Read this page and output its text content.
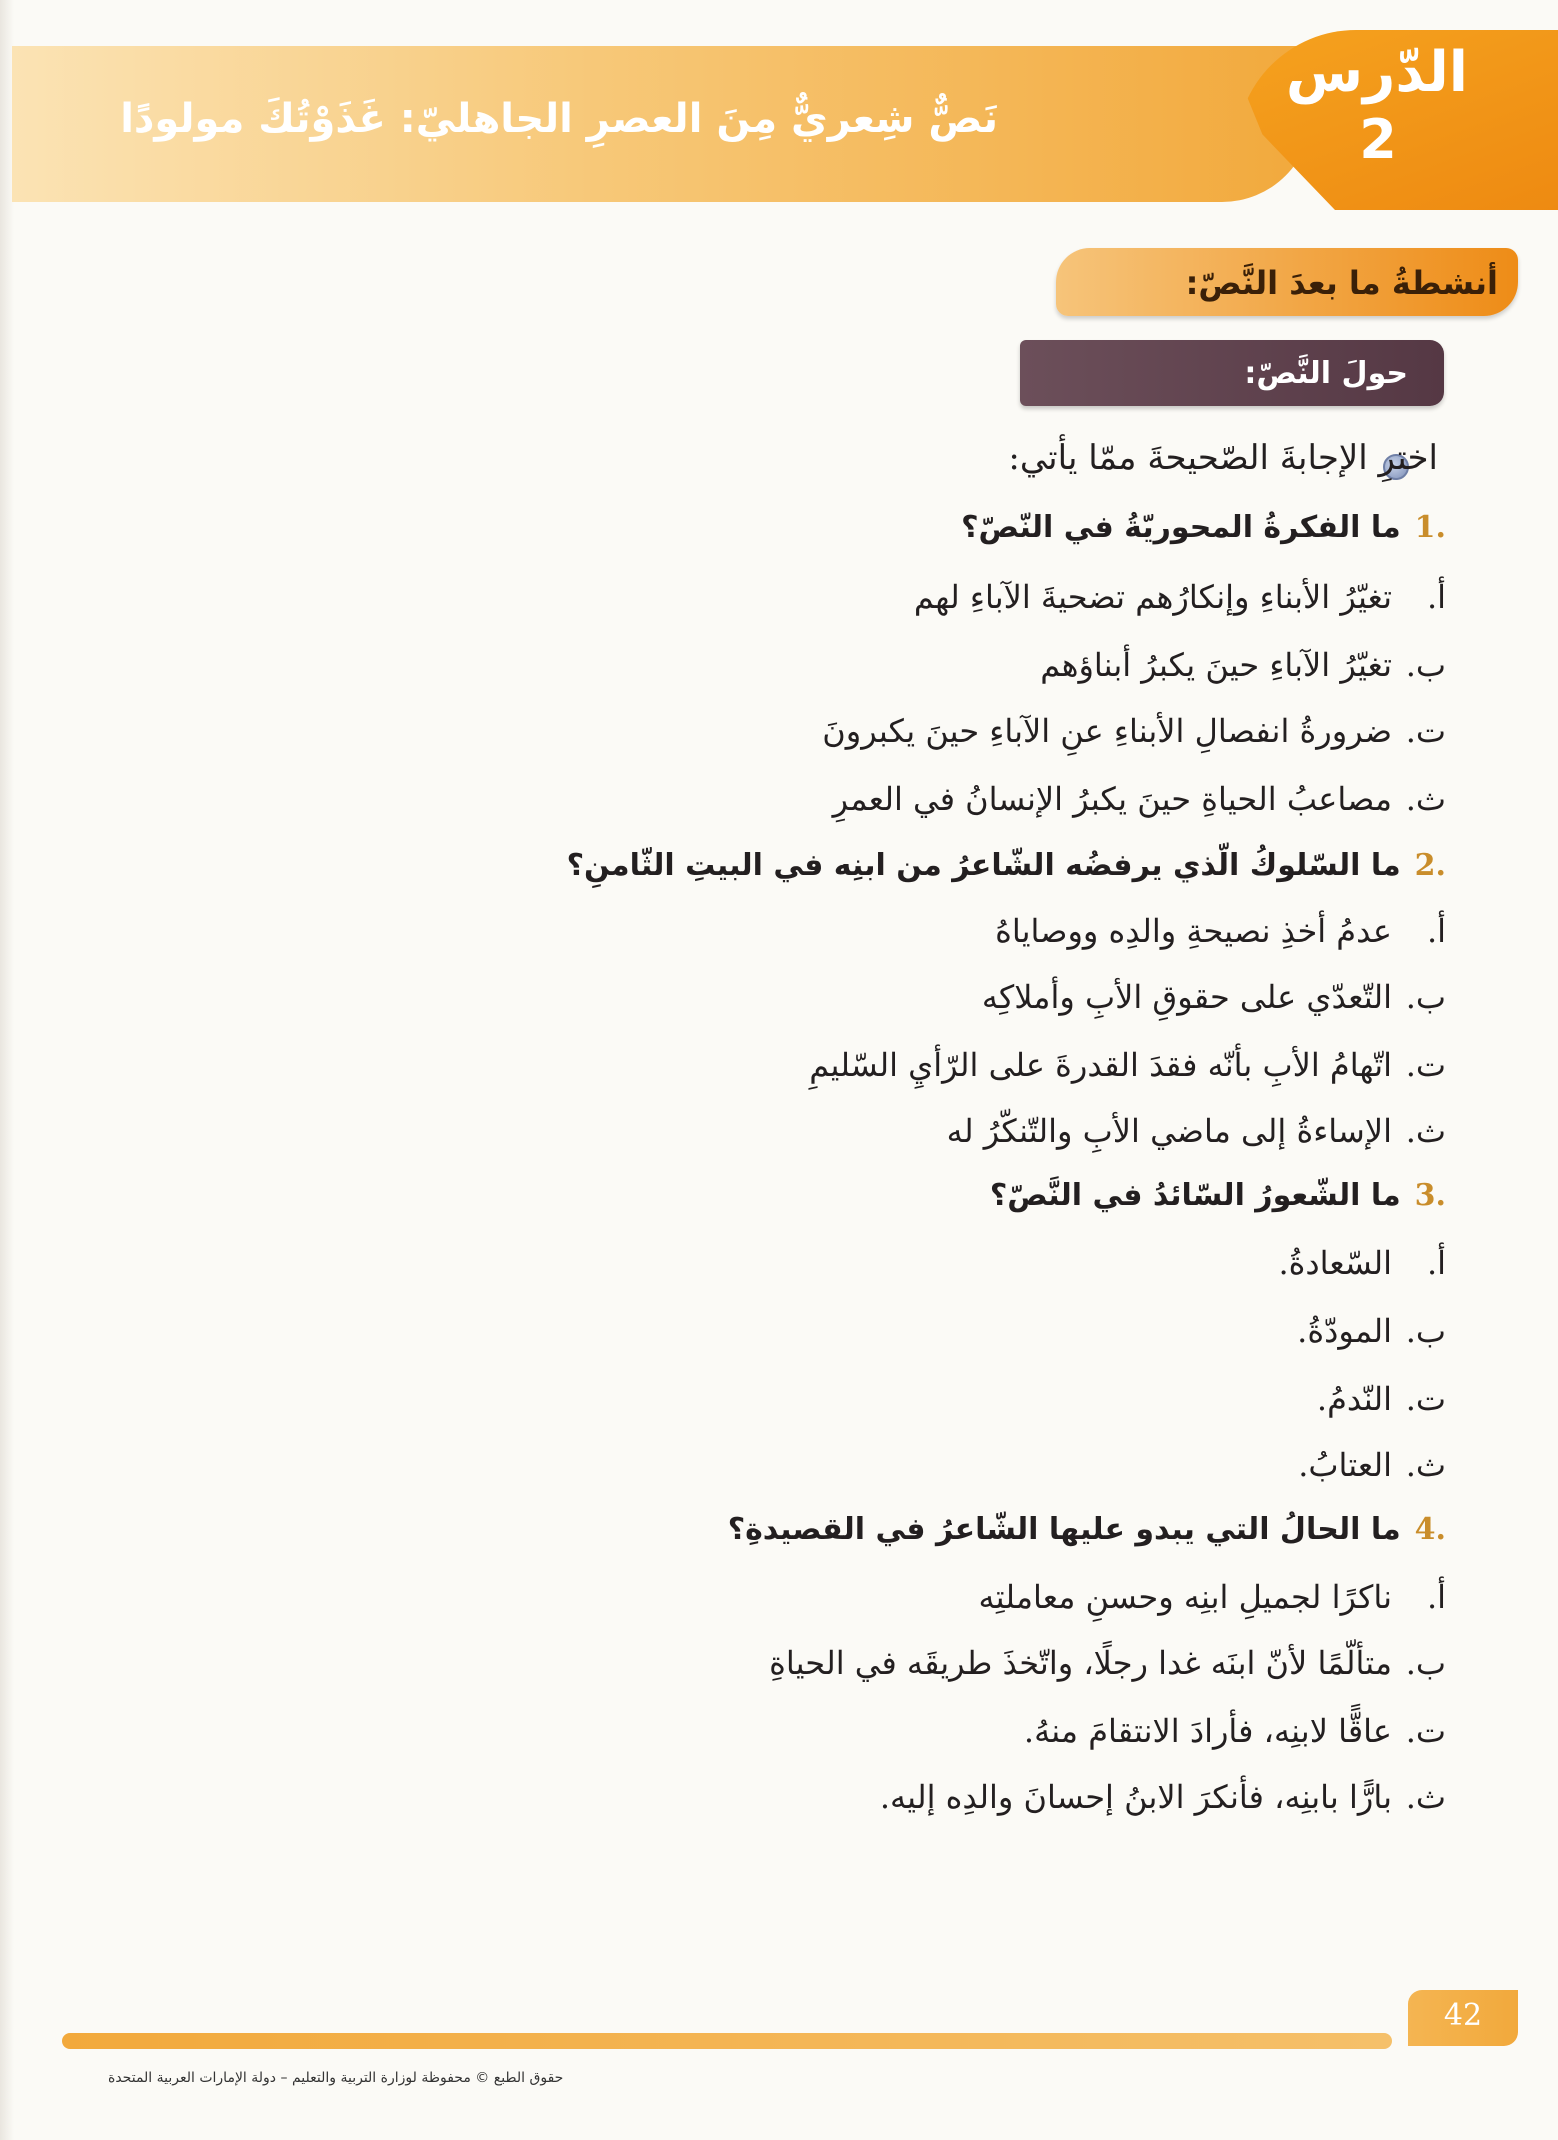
نَصٌّ شِعريٌّ مِنَ العصرِ الجاهليّ: غَذَوْتُكَ مولودًا
الدّرس
2
أنشطةُ ما بعدَ النَّصّ:
حولَ النَّصّ:
اخترِ الإجابةَ الصّحيحةَ ممّا يأتي:
.1ما الفكرةُ المحوريّةُ في النّصّ؟
أ.تغيّرُ الأبناءِ وإنكارُهم تضحيةَ الآباءِ لهم
ب.تغيّرُ الآباءِ حينَ يكبرُ أبناؤهم
ت.ضرورةُ انفصالِ الأبناءِ عنِ الآباءِ حينَ يكبرونَ
ث.مصاعبُ الحياةِ حينَ يكبرُ الإنسانُ في العمرِ
.2ما السّلوكُ الّذي يرفضُه الشّاعرُ من ابنِه في البيتِ الثّامنِ؟
أ.عدمُ أخذِ نصيحةِ والدِه ووصاياهُ
ب.التّعدّي على حقوقِ الأبِ وأملاكِه
ت.اتّهامُ الأبِ بأنّه فقدَ القدرةَ على الرّأيِ السّليمِ
ث.الإساءةُ إلى ماضي الأبِ والتّنكّرُ له
.3ما الشّعورُ السّائدُ في النَّصّ؟
أ.السّعادةُ.
ب.المودّةُ.
ت.النّدمُ.
ث.العتابُ.
.4ما الحالُ التي يبدو عليها الشّاعرُ في القصيدةِ؟
أ.ناكرًا لجميلِ ابنِه وحسنِ معاملتِه
ب.متألّمًا لأنّ ابنَه غدا رجلًا، واتّخذَ طريقَه في الحياةِ
ت.عاقًّا لابنِه، فأرادَ الانتقامَ منهُ.
ث.بارًّا بابنِه، فأنكرَ الابنُ إحسانَ والدِه إليه.
42
حقوق الطبع © محفوظة لوزارة التربية والتعليم – دولة الإمارات العربية المتحدة
